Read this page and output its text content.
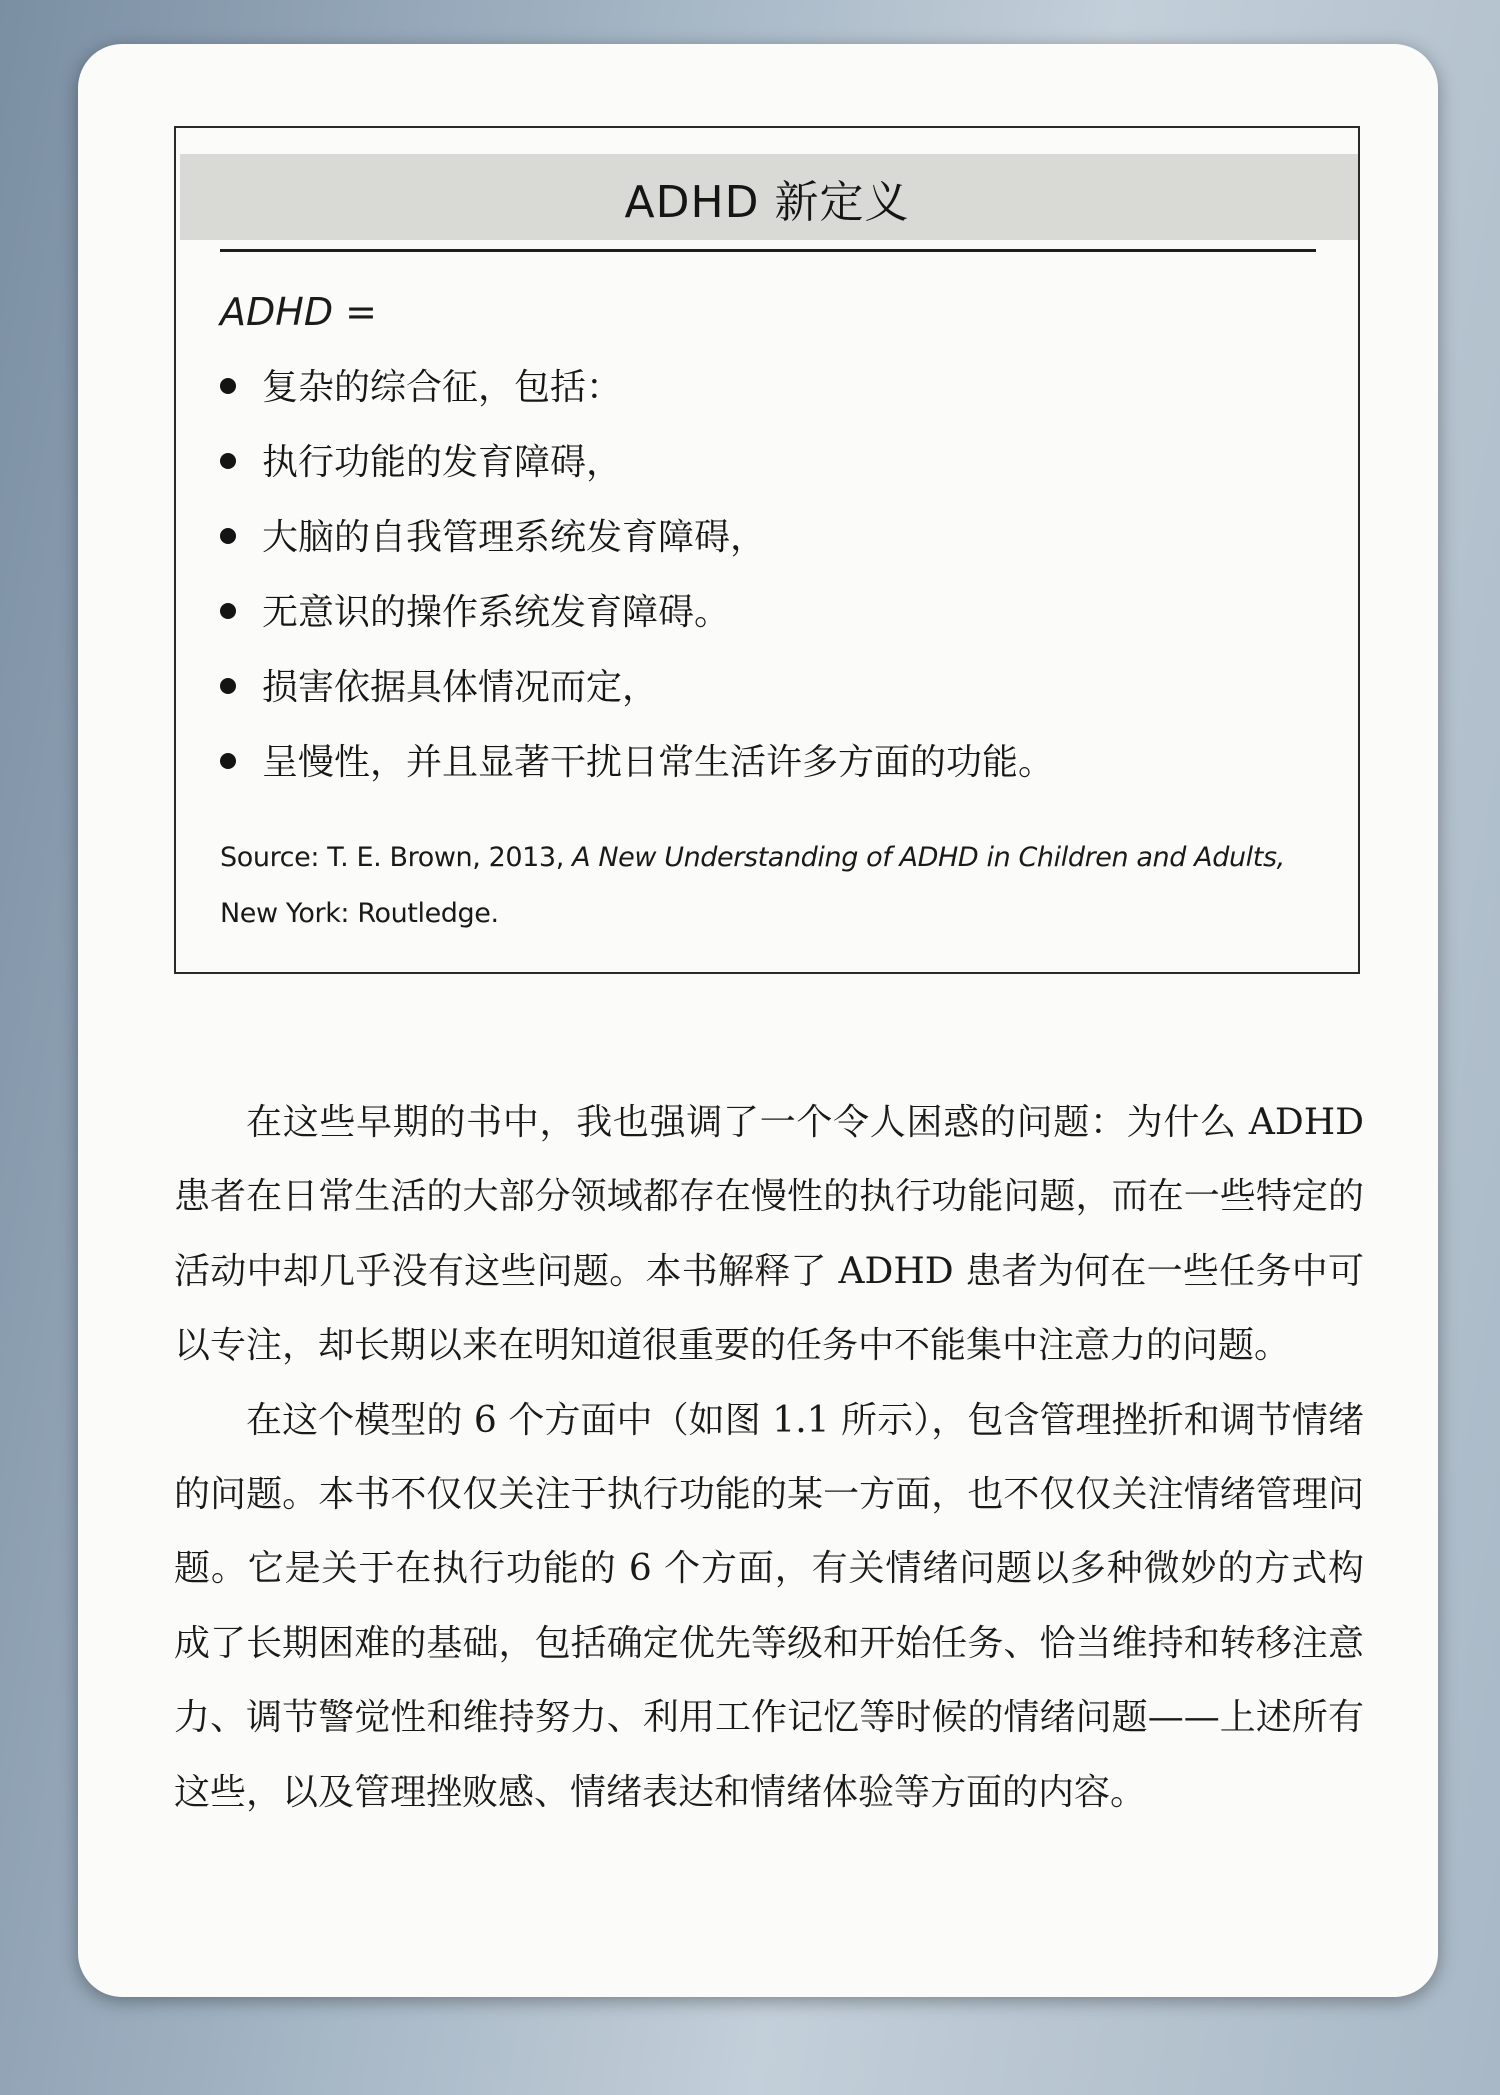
ADHD 新定义
ADHD =
复杂的综合征，包括：
执行功能的发育障碍，
大脑的自我管理系统发育障碍，
无意识的操作系统发育障碍。
损害依据具体情况而定，
呈慢性，并且显著干扰日常生活许多方面的功能。
Source: T. E. Brown, 2013, A New Understanding of ADHD in Children and Adults, New York: Routledge.

在这些早期的书中，我也强调了一个令人困惑的问题：为什么 ADHD 患者在日常生活的大部分领域都存在慢性的执行功能问题，而在一些特定的活动中却几乎没有这些问题。本书解释了 ADHD 患者为何在一些任务中可以专注，却长期以来在明知道很重要的任务中不能集中注意力的问题。

在这个模型的 6 个方面中（如图 1.1 所示），包含管理挫折和调节情绪的问题。本书不仅仅关注于执行功能的某一方面，也不仅仅关注情绪管理问题。它是关于在执行功能的 6 个方面，有关情绪问题以多种微妙的方式构成了长期困难的基础，包括确定优先等级和开始任务、恰当维持和转移注意力、调节警觉性和维持努力、利用工作记忆等时候的情绪问题——上述所有这些，以及管理挫败感、情绪表达和情绪体验等方面的内容。
